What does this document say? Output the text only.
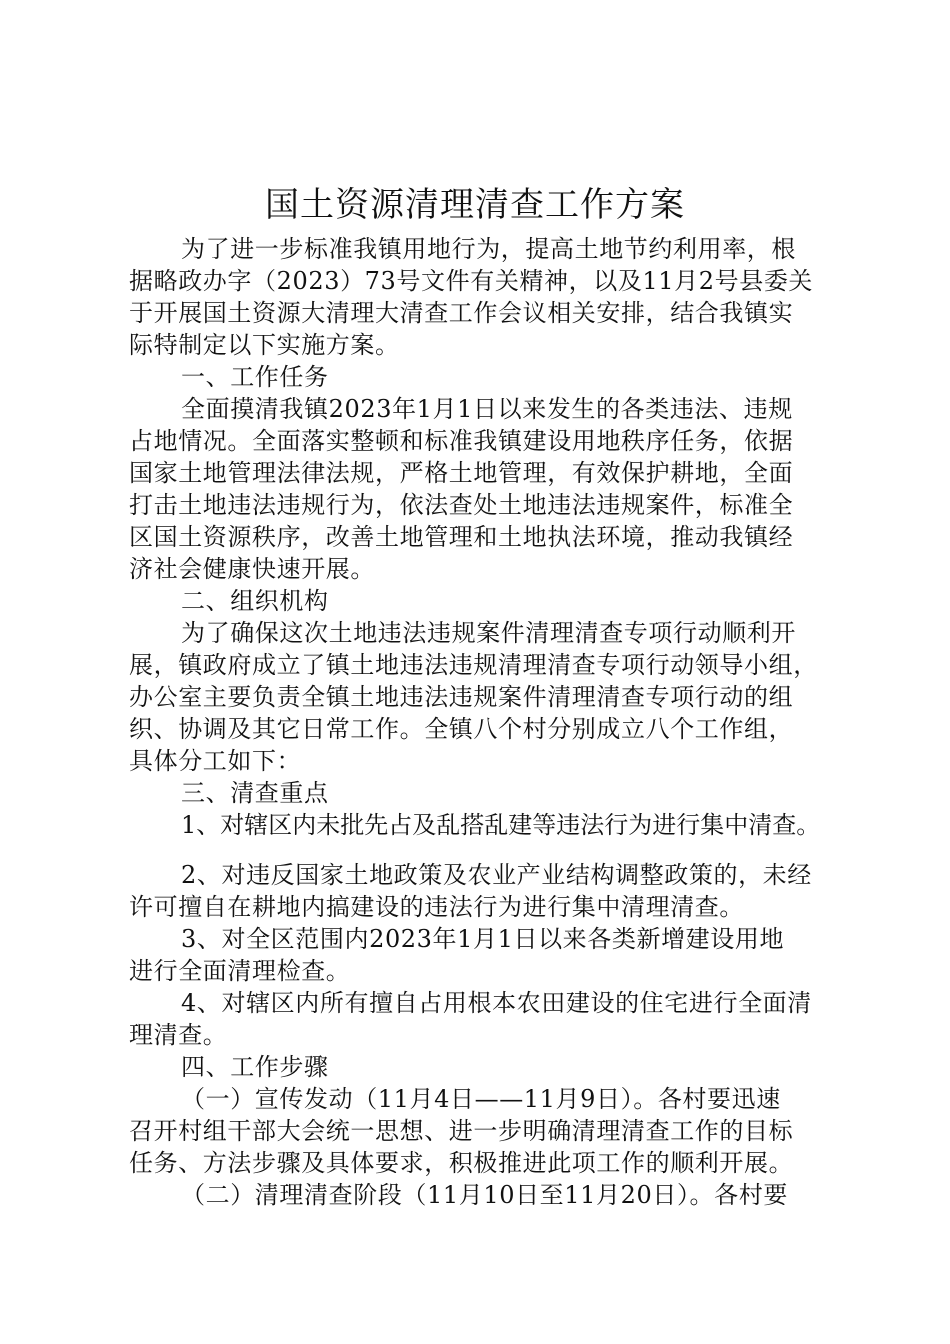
国土资源清理清查工作方案
为了进一步标准我镇用地行为，提高土地节约利用率，根
据略政办字（2023）73号文件有关精神，以及11月2号县委关
于开展国土资源大清理大清查工作会议相关安排，结合我镇实
际特制定以下实施方案。
一、工作任务
全面摸清我镇2023年1月1日以来发生的各类违法、违规
占地情况。全面落实整顿和标准我镇建设用地秩序任务，依据
国家土地管理法律法规，严格土地管理，有效保护耕地，全面
打击土地违法违规行为，依法查处土地违法违规案件，标准全
区国土资源秩序，改善土地管理和土地执法环境，推动我镇经
济社会健康快速开展。
二、组织机构
为了确保这次土地违法违规案件清理清查专项行动顺利开
展，镇政府成立了镇土地违法违规清理清查专项行动领导小组，
办公室主要负责全镇土地违法违规案件清理清查专项行动的组
织、协调及其它日常工作。全镇八个村分别成立八个工作组，
具体分工如下：
三、清查重点
1、对辖区内未批先占及乱搭乱建等违法行为进行集中清查。
2、对违反国家土地政策及农业产业结构调整政策的，未经
许可擅自在耕地内搞建设的违法行为进行集中清理清查。
3、对全区范围内2023年1月1日以来各类新增建设用地
进行全面清理检查。
4、对辖区内所有擅自占用根本农田建设的住宅进行全面清
理清查。
四、工作步骤
（一）宣传发动（11月4日——11月9日）。各村要迅速
召开村组干部大会统一思想、进一步明确清理清查工作的目标
任务、方法步骤及具体要求，积极推进此项工作的顺利开展。
（二）清理清查阶段（11月10日至11月20日）。各村要
